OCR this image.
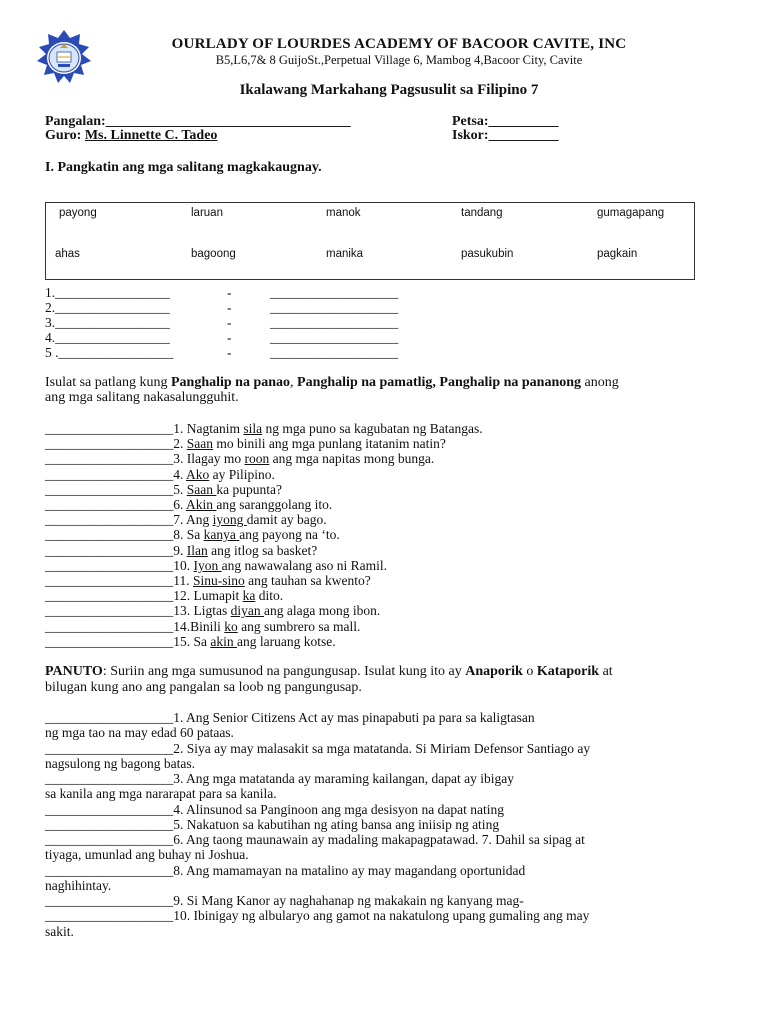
OURLADY OF LOURDES ACADEMY OF BACOOR CAVITE, INC
B5,L6,7& 8 GuijoSt.,Perpetual Village 6, Mambog 4,Bacoor City, Cavite
Ikalawang Markahang Pagsusulit sa Filipino 7
Pangalan:___________________________________	Petsa:__________
Guro: Ms. Linnette C. Tadeo	Iskor:__________
I. Pangkatin ang mga salitang magkakaugnay.
payong	laruan	manok	tandang	gumagapang
ahas	bagoong	manika	pasukubin	pagkain
1._________________	-	___________________
2._________________	-	___________________
3._________________	-	___________________
4._________________	-	___________________
5 ._________________	-	___________________
Isulat sa patlang kung Panghalip na panao, Panghalip na pamatlig, Panghalip na pananong anong
ang mga salitang nakasalungguhit.
___________________1. Nagtanim sila ng mga puno sa kagubatan ng Batangas.
___________________2. Saan mo binili ang mga punlang itatanim natin?
___________________3. Ilagay mo roon ang mga napitas mong bunga.
___________________4. Ako ay Pilipino.
___________________5. Saan ka pupunta?
___________________6. Akin ang saranggolang ito.
___________________7. Ang iyong damit ay bago.
___________________8. Sa kanya ang payong na ‘to.
___________________9. Ilan ang itlog sa basket?
___________________10. Iyon ang nawawalang aso ni Ramil.
___________________11. Sinu-sino ang tauhan sa kwento?
___________________12. Lumapit ka dito.
___________________13. Ligtas diyan ang alaga mong ibon.
___________________14.Binili ko ang sumbrero sa mall.
___________________15. Sa akin ang laruang kotse.
PANUTO: Suriin ang mga sumusunod na pangungusap. Isulat kung ito ay Anaporik o Kataporik at
bilugan kung ano ang pangalan sa loob ng pangungusap.
___________________1. Ang Senior Citizens Act ay mas pinapabuti pa para sa kaligtasan
ng mga tao na may edad 60 pataas.
___________________2. Siya ay may malasakit sa mga matatanda. Si Miriam Defensor Santiago ay
nagsulong ng bagong batas.
___________________3. Ang mga matatanda ay maraming kailangan, dapat ay ibigay
sa kanila ang mga nararapat para sa kanila.
___________________4. Alinsunod sa Panginoon ang mga desisyon na dapat nating
___________________5. Nakatuon sa kabutihan ng ating bansa ang iniisip ng ating
___________________6. Ang taong maunawain ay madaling makapagpatawad. 7. Dahil sa sipag at
tiyaga, umunlad ang buhay ni Joshua.
___________________8. Ang mamamayan na matalino ay may magandang oportunidad
naghihintay.
___________________9. Si Mang Kanor ay naghahanap ng makakain ng kanyang mag-
___________________10. Ibinigay ng albularyo ang gamot na nakatulong upang gumaling ang may
sakit.
